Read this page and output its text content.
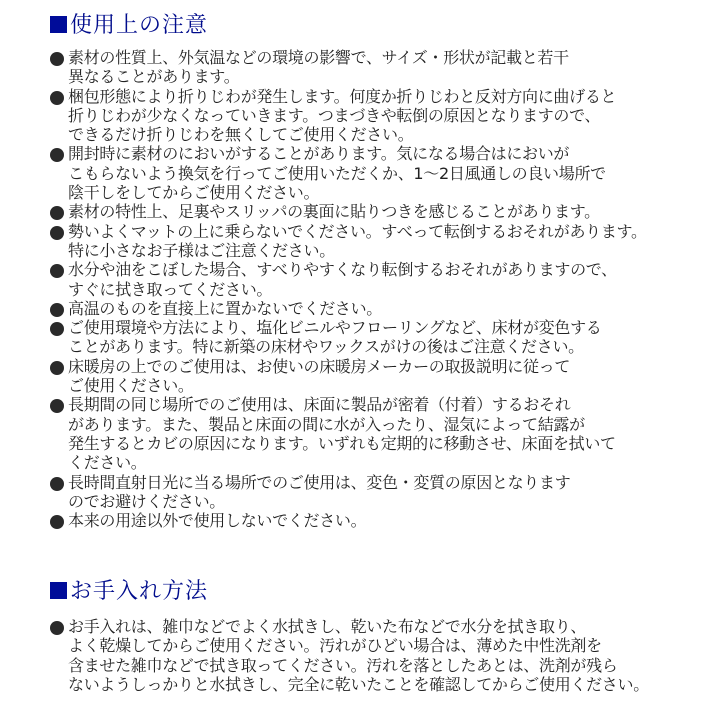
使用上の注意
素材の性質上、外気温などの環境の影響で、サイズ・形状が記載と若干
異なることがあります。
梱包形態により折りじわが発生します。何度か折りじわと反対方向に曲げると
折りじわが少なくなっていきます。つまづきや転倒の原因となりますので、
できるだけ折りじわを無くしてご使用ください。
開封時に素材のにおいがすることがあります。気になる場合はにおいが
こもらないよう換気を行ってご使用いただくか、1〜2日風通しの良い場所で
陰干しをしてからご使用ください。
素材の特性上、足裏やスリッパの裏面に貼りつきを感じることがあります。
勢いよくマットの上に乗らないでください。すべって転倒するおそれがあります。
特に小さなお子様はご注意ください。
水分や油をこぼした場合、すべりやすくなり転倒するおそれがありますので、
すぐに拭き取ってください。
高温のものを直接上に置かないでください。
ご使用環境や方法により、塩化ビニルやフローリングなど、床材が変色する
ことがあります。特に新築の床材やワックスがけの後はご注意ください。
床暖房の上でのご使用は、お使いの床暖房メーカーの取扱説明に従って
ご使用ください。
長期間の同じ場所でのご使用は、床面に製品が密着（付着）するおそれ
があります。また、製品と床面の間に水が入ったり、湿気によって結露が
発生するとカビの原因になります。いずれも定期的に移動させ、床面を拭いて
ください。
長時間直射日光に当る場所でのご使用は、変色・変質の原因となります
のでお避けください。
本来の用途以外で使用しないでください。
お手入れ方法
お手入れは、雑巾などでよく水拭きし、乾いた布などで水分を拭き取り、
よく乾燥してからご使用ください。汚れがひどい場合は、薄めた中性洗剤を
含ませた雑巾などで拭き取ってください。汚れを落としたあとは、洗剤が残ら
ないようしっかりと水拭きし、完全に乾いたことを確認してからご使用ください。
